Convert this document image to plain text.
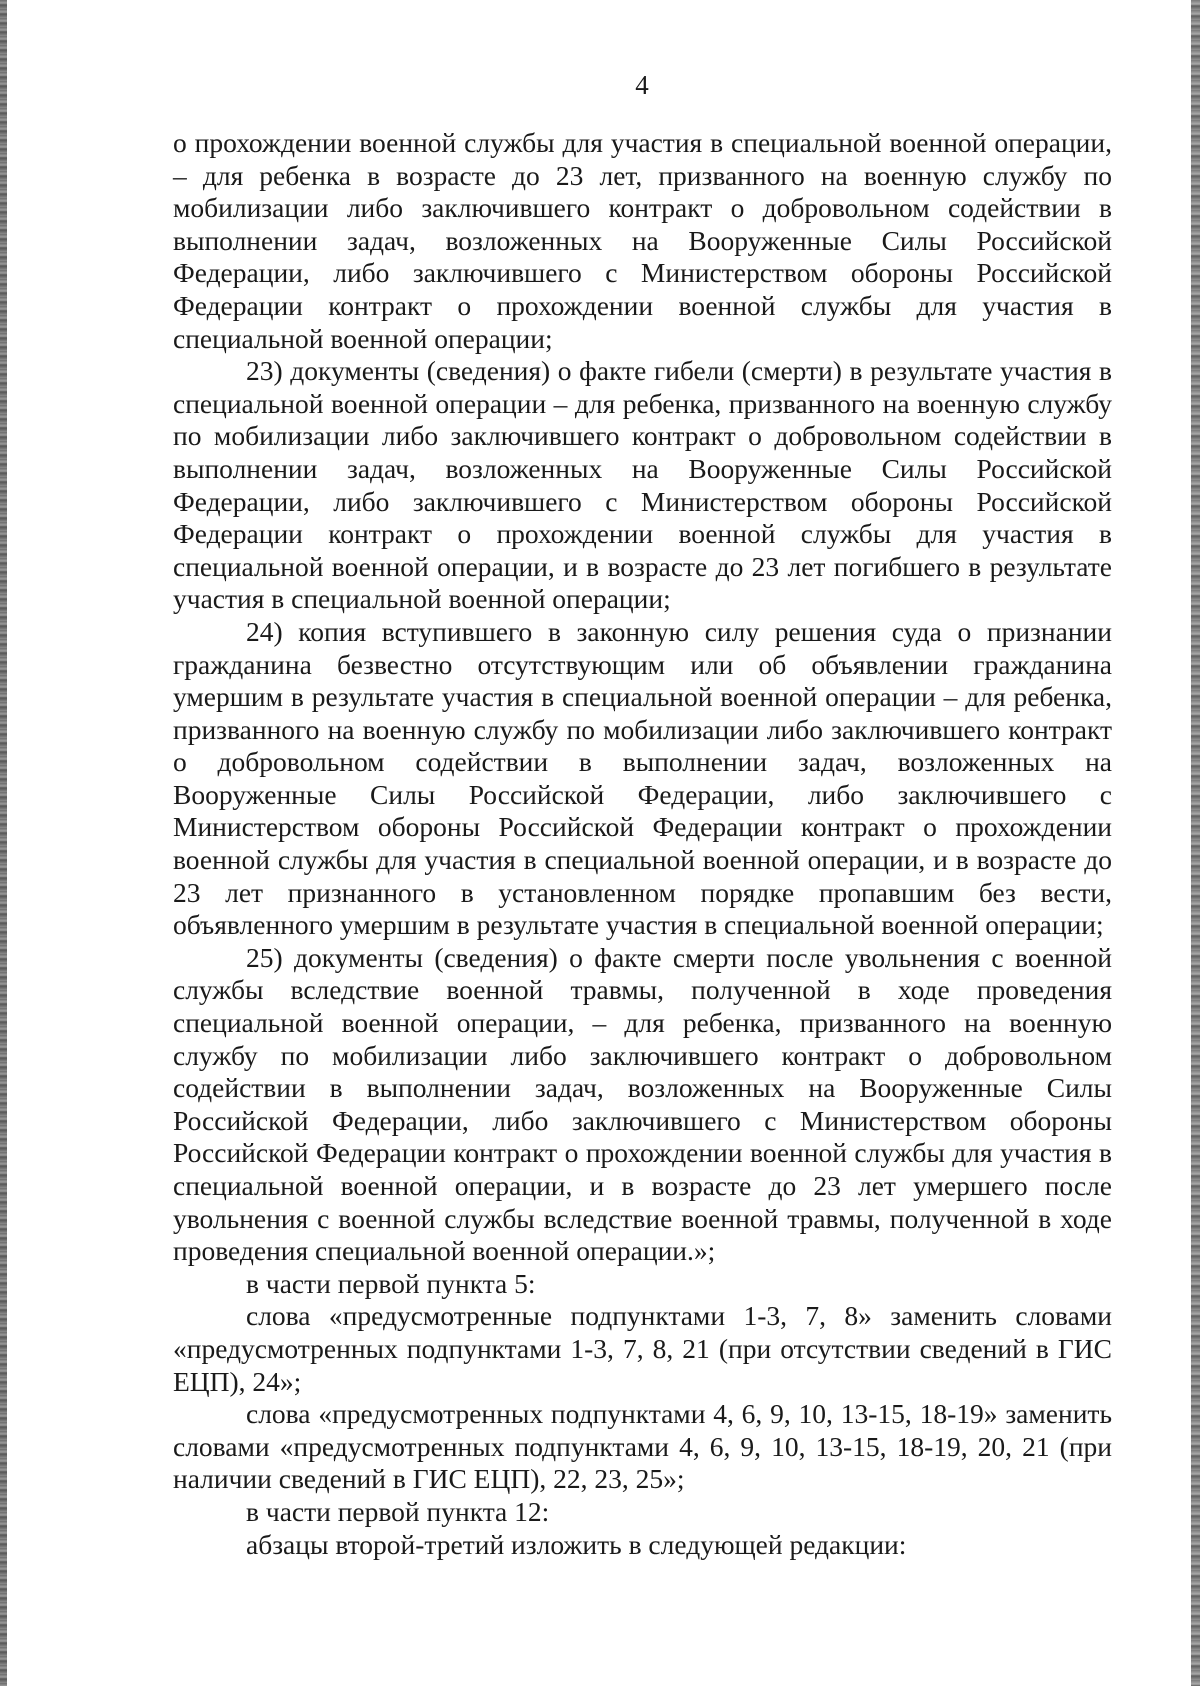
4

о прохождении военной службы для участия в специальной военной операции, – для ребенка в возрасте до 23 лет, призванного на военную службу по мобилизации либо заключившего контракт о добровольном содействии в выполнении задач, возложенных на Вооруженные Силы Российской Федерации, либо заключившего с Министерством обороны Российской Федерации контракт о прохождении военной службы для участия в специальной военной операции;

23) документы (сведения) о факте гибели (смерти) в результате участия в специальной военной операции – для ребенка, призванного на военную службу по мобилизации либо заключившего контракт о добровольном содействии в выполнении задач, возложенных на Вооруженные Силы Российской Федерации, либо заключившего с Министерством обороны Российской Федерации контракт о прохождении военной службы для участия в специальной военной операции, и в возрасте до 23 лет погибшего в результате участия в специальной военной операции;

24) копия вступившего в законную силу решения суда о признании гражданина безвестно отсутствующим или об объявлении гражданина умершим в результате участия в специальной военной операции – для ребенка, призванного на военную службу по мобилизации либо заключившего контракт о добровольном содействии в выполнении задач, возложенных на Вооруженные Силы Российской Федерации, либо заключившего с Министерством обороны Российской Федерации контракт о прохождении военной службы для участия в специальной военной операции, и в возрасте до 23 лет признанного в установленном порядке пропавшим без вести, объявленного умершим в результате участия в специальной военной операции;

25) документы (сведения) о факте смерти после увольнения с военной службы вследствие военной травмы, полученной в ходе проведения специальной военной операции, – для ребенка, призванного на военную службу по мобилизации либо заключившего контракт о добровольном содействии в выполнении задач, возложенных на Вооруженные Силы Российской Федерации, либо заключившего с Министерством обороны Российской Федерации контракт о прохождении военной службы для участия в специальной военной операции, и в возрасте до 23 лет умершего после увольнения с военной службы вследствие военной травмы, полученной в ходе проведения специальной военной операции.»;

в части первой пункта 5:

слова «предусмотренные подпунктами 1-3, 7, 8» заменить словами «предусмотренных подпунктами 1-3, 7, 8, 21 (при отсутствии сведений в ГИС ЕЦП), 24»;

слова «предусмотренных подпунктами 4, 6, 9, 10, 13-15, 18-19» заменить словами «предусмотренных подпунктами 4, 6, 9, 10, 13-15, 18-19, 20, 21 (при наличии сведений в ГИС ЕЦП), 22, 23, 25»;

в части первой пункта 12:

абзацы второй-третий изложить в следующей редакции:
